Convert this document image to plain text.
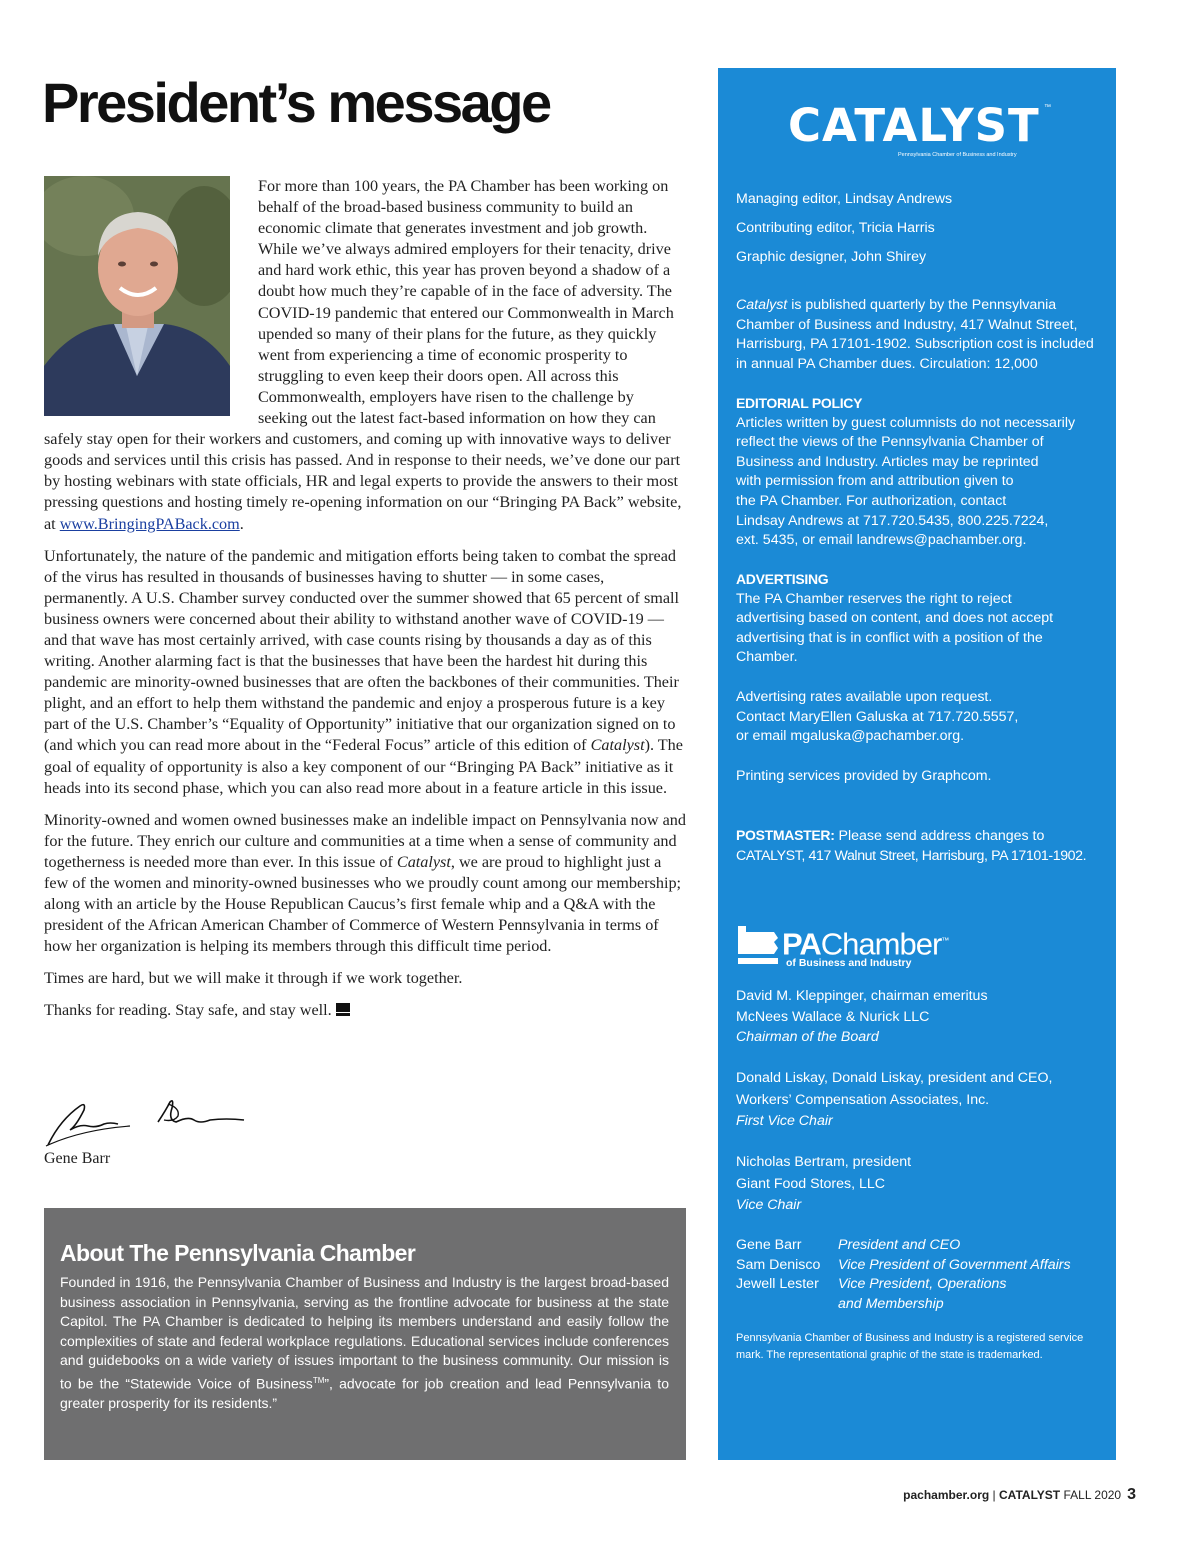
President’s message

For more than 100 years, the PA Chamber has been working on behalf of the broad-based business community to build an economic climate that generates investment and job growth. While we’ve always admired employers for their tenacity, drive and hard work ethic, this year has proven beyond a shadow of a doubt how much they’re capable of in the face of adversity. The COVID-19 pandemic that entered our Commonwealth in March upended so many of their plans for the future, as they quickly went from experiencing a time of economic prosperity to struggling to even keep their doors open. All across this Commonwealth, employers have risen to the challenge by seeking out the latest fact-based information on how they can safely stay open for their workers and customers, and coming up with innovative ways to deliver goods and services until this crisis has passed. And in response to their needs, we’ve done our part by hosting webinars with state officials, HR and legal experts to provide the answers to their most pressing questions and hosting timely re-opening information on our “Bringing PA Back” website, at www.BringingPABack.com.

Unfortunately, the nature of the pandemic and mitigation efforts being taken to combat the spread of the virus has resulted in thousands of businesses having to shutter — in some cases, permanently. A U.S. Chamber survey conducted over the summer showed that 65 percent of small business owners were concerned about their ability to withstand another wave of COVID-19 — and that wave has most certainly arrived, with case counts rising by thousands a day as of this writing. Another alarming fact is that the businesses that have been the hardest hit during this pandemic are minority-owned businesses that are often the backbones of their communities. Their plight, and an effort to help them withstand the pandemic and enjoy a prosperous future is a key part of the U.S. Chamber’s “Equality of Opportunity” initiative that our organization signed on to (and which you can read more about in the “Federal Focus” article of this edition of Catalyst). The goal of equality of opportunity is also a key component of our “Bringing PA Back” initiative as it heads into its second phase, which you can also read more about in a feature article in this issue.

Minority-owned and women owned businesses make an indelible impact on Pennsylvania now and for the future. They enrich our culture and communities at a time when a sense of community and togetherness is needed more than ever. In this issue of Catalyst, we are proud to highlight just a few of the women and minority-owned businesses who we proudly count among our membership; along with an article by the House Republican Caucus’s first female whip and a Q&A with the president of the African American Chamber of Commerce of Western Pennsylvania in terms of how her organization is helping its members through this difficult time period.

Times are hard, but we will make it through if we work together.

Thanks for reading. Stay safe, and stay well.

Gene Barr
About The Pennsylvania Chamber

Founded in 1916, the Pennsylvania Chamber of Business and Industry is the largest broad-based business association in Pennsylvania, serving as the frontline advocate for business at the state Capitol. The PA Chamber is dedicated to helping its members understand and easily follow the complexities of state and federal workplace regulations. Educational services include conferences and guidebooks on a wide variety of issues important to the business community. Our mission is to be the “Statewide Voice of Business™”, advocate for job creation and lead Pennsylvania to greater prosperity for its residents.”

CATALYST ™
Pennsylvania Chamber of Business and Industry
Managing editor, Lindsay Andrews
Contributing editor, Tricia Harris
Graphic designer, John Shirey

Catalyst is published quarterly by the Pennsylvania Chamber of Business and Industry, 417 Walnut Street, Harrisburg, PA 17101-1902. Subscription cost is included in annual PA Chamber dues. Circulation: 12,000

EDITORIAL POLICY
Articles written by guest columnists do not necessarily
reflect the views of the Pennsylvania Chamber of
Business and Industry. Articles may be reprinted
with permission from and attribution given to
the PA Chamber. For authorization, contact
Lindsay Andrews at 717.720.5435, 800.225.7224,
ext. 5435, or email landrews@pachamber.org.
ADVERTISING
The PA Chamber reserves the right to reject
advertising based on content, and does not accept
advertising that is in conflict with a position of the
Chamber.
Advertising rates available upon request.
Contact MaryEllen Galuska at 717.720.5557,
or email mgaluska@pachamber.org.
Printing services provided by Graphcom.
POSTMASTER: Please send address changes to
CATALYST, 417 Walnut Street, Harrisburg, PA 17101-1902.
PAChamber™
of Business and Industry
David M. Kleppinger, chairman emeritus
McNees Wallace & Nurick LLC
Chairman of the Board
Donald Liskay, Donald Liskay, president and CEO,
Workers’ Compensation Associates, Inc.
First Vice Chair
Nicholas Bertram, president
Giant Food Stores, LLC
Vice Chair
Gene Barr	President and CEO
Sam Denisco	Vice President of Government Affairs
Jewell Lester	Vice President, Operations
and Membership
Pennsylvania Chamber of Business and Industry is a registered service mark. The representational graphic of the state is trademarked.
pachamber.org | CATALYST FALL 2020 3
